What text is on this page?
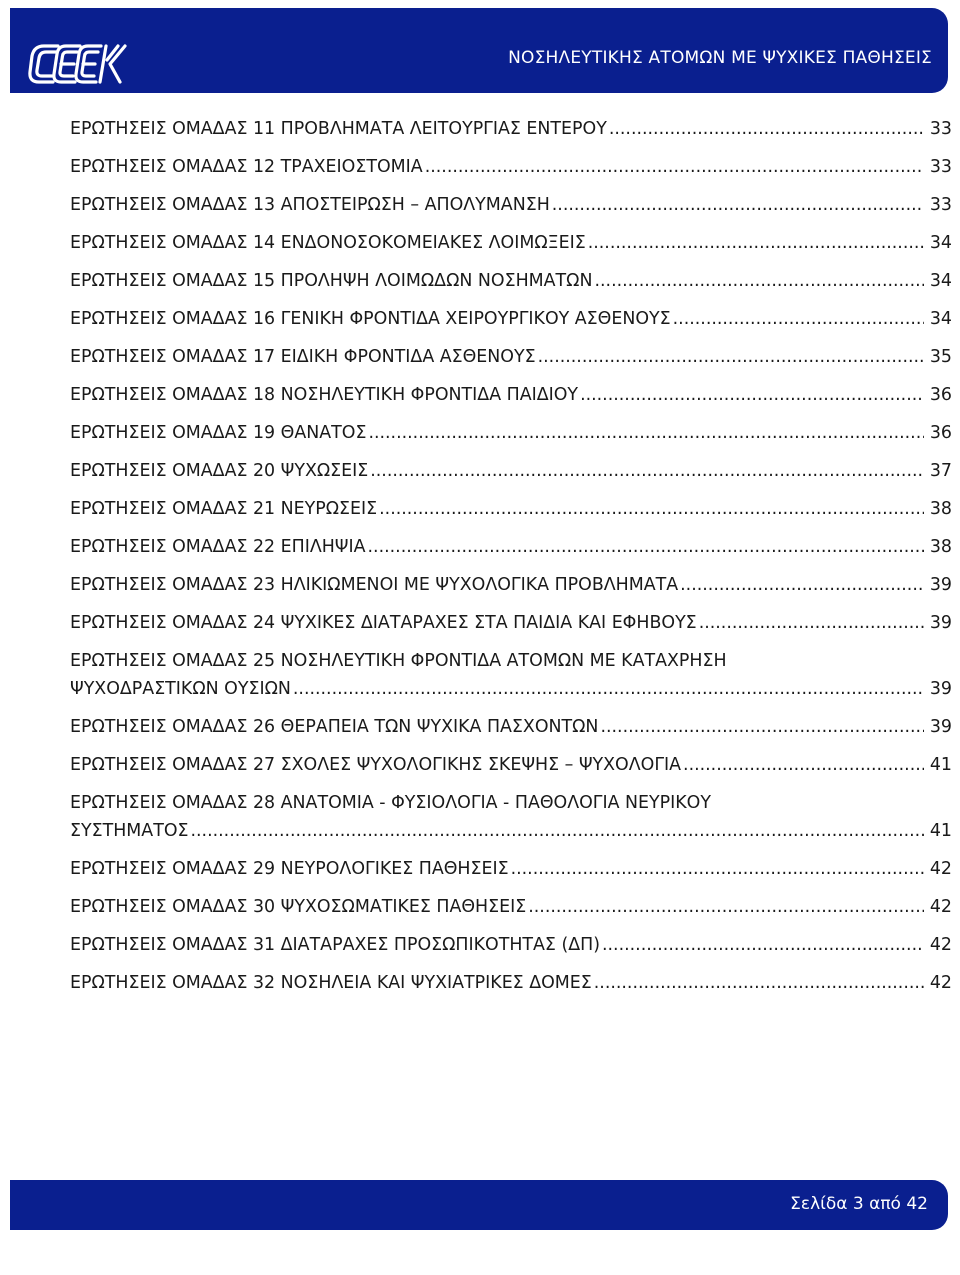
ΝΟΣΗΛΕΥΤΙΚΗΣ ΑΤΟΜΩΝ ΜΕ ΨΥΧΙΚΕΣ ΠΑΘΗΣΕΙΣ
ΕΡΩΤΗΣΕΙΣ ΟΜΑΔΑΣ 11 ΠΡΟΒΛΗΜΑΤΑ ΛΕΙΤΟΥΡΓΙΑΣ ΕΝΤΕΡΟΥ .....	33
ΕΡΩΤΗΣΕΙΣ ΟΜΑΔΑΣ 12 ΤΡΑΧΕΙΟΣΤΟΜΙΑ .....	33
ΕΡΩΤΗΣΕΙΣ ΟΜΑΔΑΣ 13 ΑΠΟΣΤΕΙΡΩΣΗ – ΑΠΟΛΥΜΑΝΣΗ .....	33
ΕΡΩΤΗΣΕΙΣ ΟΜΑΔΑΣ 14 ΕΝΔΟΝΟΣΟΚΟΜΕΙΑΚΕΣ ΛΟΙΜΩΞΕΙΣ .....	34
ΕΡΩΤΗΣΕΙΣ ΟΜΑΔΑΣ 15 ΠΡΟΛΗΨΗ ΛΟΙΜΩΔΩΝ ΝΟΣΗΜΑΤΩΝ .....	34
ΕΡΩΤΗΣΕΙΣ ΟΜΑΔΑΣ 16 ΓΕΝΙΚΗ ΦΡΟΝΤΙΔΑ ΧΕΙΡΟΥΡΓΙΚΟΥ ΑΣΘΕΝΟΥΣ .....	34
ΕΡΩΤΗΣΕΙΣ ΟΜΑΔΑΣ 17 ΕΙΔΙΚΗ ΦΡΟΝΤΙΔΑ ΑΣΘΕΝΟΥΣ .....	35
ΕΡΩΤΗΣΕΙΣ ΟΜΑΔΑΣ 18 ΝΟΣΗΛΕΥΤΙΚΗ ΦΡΟΝΤΙΔΑ ΠΑΙΔΙΟΥ .....	36
ΕΡΩΤΗΣΕΙΣ ΟΜΑΔΑΣ 19 ΘΑΝΑΤΟΣ .....	36
ΕΡΩΤΗΣΕΙΣ ΟΜΑΔΑΣ 20 ΨΥΧΩΣΕΙΣ .....	37
ΕΡΩΤΗΣΕΙΣ ΟΜΑΔΑΣ 21 ΝΕΥΡΩΣΕΙΣ .....	38
ΕΡΩΤΗΣΕΙΣ ΟΜΑΔΑΣ 22 ΕΠΙΛΗΨΙΑ .....	38
ΕΡΩΤΗΣΕΙΣ ΟΜΑΔΑΣ 23 ΗΛΙΚΙΩΜΕΝΟΙ ΜΕ ΨΥΧΟΛΟΓΙΚΑ ΠΡΟΒΛΗΜΑΤΑ .....	39
ΕΡΩΤΗΣΕΙΣ ΟΜΑΔΑΣ 24 ΨΥΧΙΚΕΣ ΔΙΑΤΑΡΑΧΕΣ ΣΤΑ ΠΑΙΔΙΑ ΚΑΙ ΕΦΗΒΟΥΣ .....	39
ΕΡΩΤΗΣΕΙΣ ΟΜΑΔΑΣ 25 ΝΟΣΗΛΕΥΤΙΚΗ ΦΡΟΝΤΙΔΑ ΑΤΟΜΩΝ ΜΕ ΚΑΤΑΧΡΗΣΗ
ΨΥΧΟΔΡΑΣΤΙΚΩΝ ΟΥΣΙΩΝ .....	39
ΕΡΩΤΗΣΕΙΣ ΟΜΑΔΑΣ 26 ΘΕΡΑΠΕΙΑ ΤΩΝ ΨΥΧΙΚΑ ΠΑΣΧΟΝΤΩΝ .....	39
ΕΡΩΤΗΣΕΙΣ ΟΜΑΔΑΣ 27 ΣΧΟΛΕΣ ΨΥΧΟΛΟΓΙΚΗΣ ΣΚΕΨΗΣ – ΨΥΧΟΛΟΓΙΑ .....	41
ΕΡΩΤΗΣΕΙΣ ΟΜΑΔΑΣ 28 ΑΝΑΤΟΜΙΑ - ΦΥΣΙΟΛΟΓΙΑ - ΠΑΘΟΛΟΓΙΑ ΝΕΥΡΙΚΟΥ
ΣΥΣΤΗΜΑΤΟΣ .....	41
ΕΡΩΤΗΣΕΙΣ ΟΜΑΔΑΣ 29 ΝΕΥΡΟΛΟΓΙΚΕΣ ΠΑΘΗΣΕΙΣ .....	42
ΕΡΩΤΗΣΕΙΣ ΟΜΑΔΑΣ 30 ΨΥΧΟΣΩΜΑΤΙΚΕΣ ΠΑΘΗΣΕΙΣ .....	42
ΕΡΩΤΗΣΕΙΣ ΟΜΑΔΑΣ 31 ΔΙΑΤΑΡΑΧΕΣ ΠΡΟΣΩΠΙΚΟΤΗΤΑΣ (ΔΠ) .....	42
ΕΡΩΤΗΣΕΙΣ ΟΜΑΔΑΣ 32 ΝΟΣΗΛΕΙΑ ΚΑΙ ΨΥΧΙΑΤΡΙΚΕΣ ΔΟΜΕΣ .....	42
Σελίδα 3 από 42
